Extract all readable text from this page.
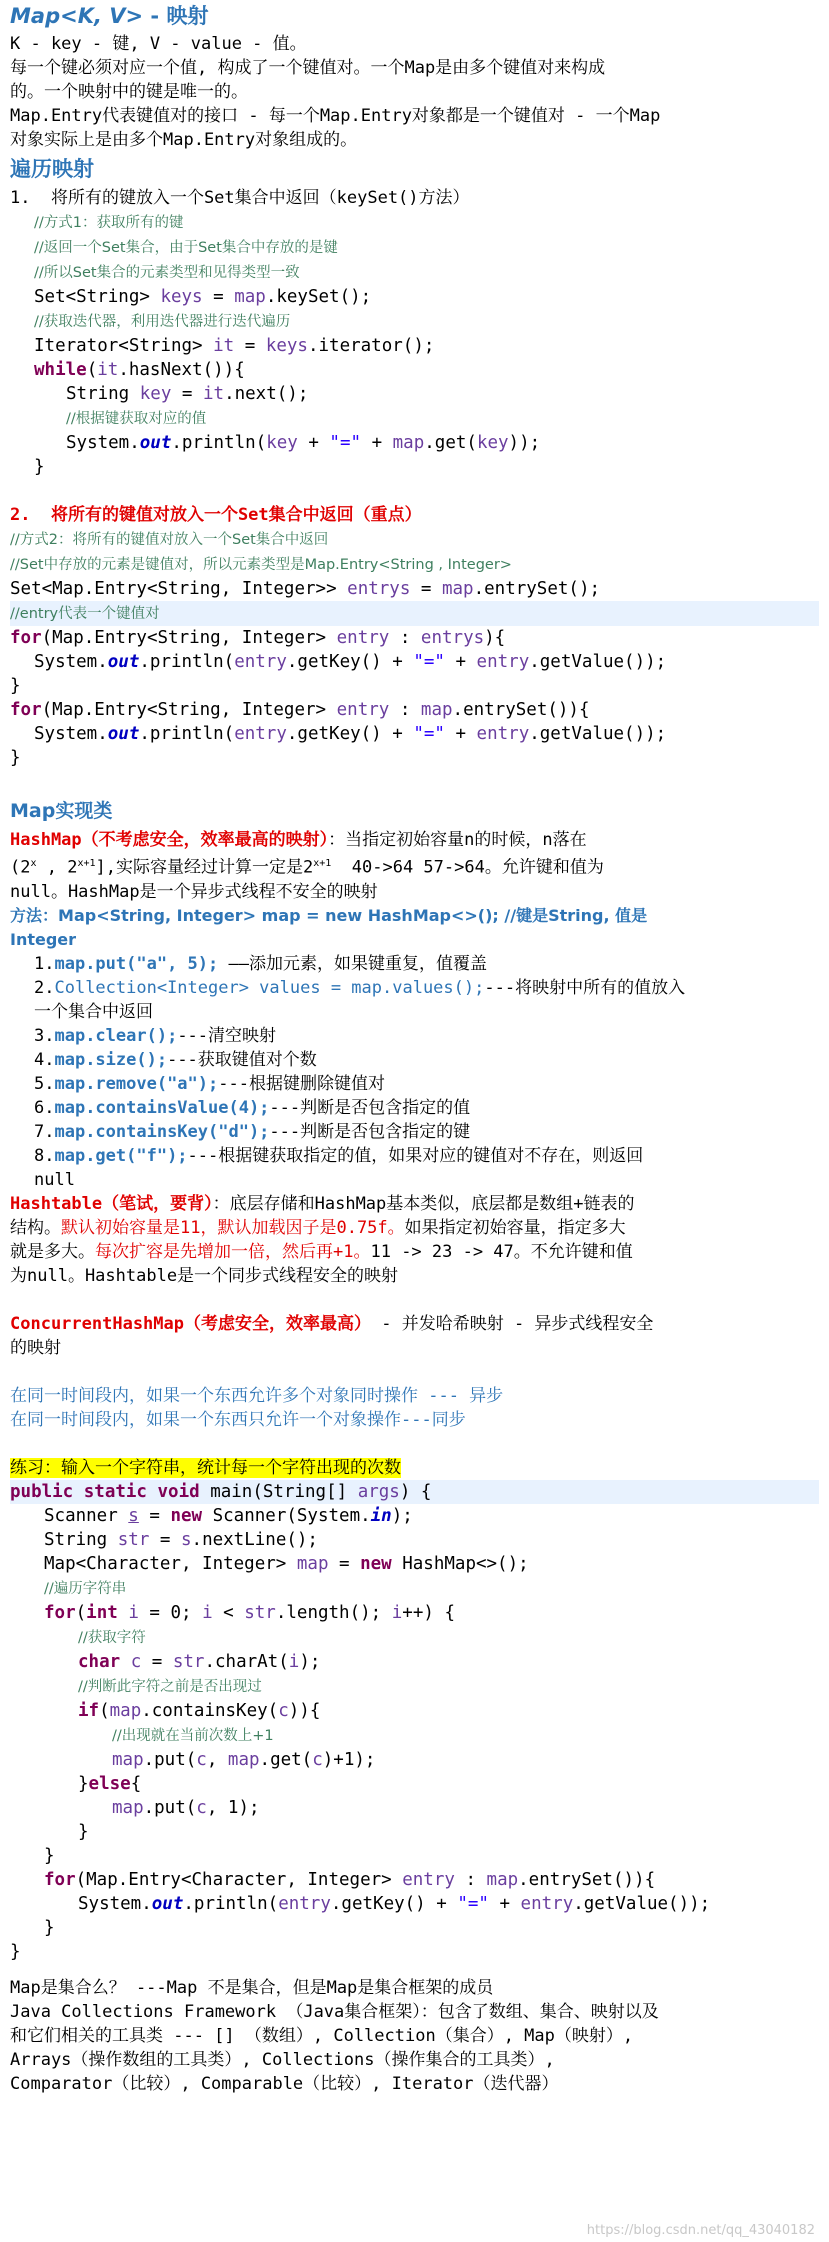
Map<K, V> - 映射
K - key - 键, V - value - 值。
每一个键必须对应一个值, 构成了一个键值对。一个Map是由多个键值对来构成
的。一个映射中的键是唯一的。
Map.Entry代表键值对的接口 - 每一个Map.Entry对象都是一个键值对 - 一个Map
对象实际上是由多个Map.Entry对象组成的。
遍历映射
1.  将所有的键放入一个Set集合中返回（keySet()方法）
//方式1：获取所有的键
//返回一个Set集合，由于Set集合中存放的是键
//所以Set集合的元素类型和见得类型一致
Set<String> keys = map.keySet();
//获取迭代器，利用迭代器进行迭代遍历
Iterator<String> it = keys.iterator();
while(it.hasNext()){
String key = it.next();
//根据键获取对应的值
System.out.println(key + "=" + map.get(key));
}
2.  将所有的键值对放入一个Set集合中返回（重点）
//方式2：将所有的键值对放入一个Set集合中返回
//Set中存放的元素是键值对，所以元素类型是Map.Entry<String , Integer>
Set<Map.Entry<String, Integer>> entrys = map.entrySet();
//entry代表一个键值对
for(Map.Entry<String, Integer> entry : entrys){
System.out.println(entry.getKey() + "=" + entry.getValue());
}
for(Map.Entry<String, Integer> entry : map.entrySet()){
System.out.println(entry.getKey() + "=" + entry.getValue());
}
Map实现类
HashMap（不考虑安全，效率最高的映射）：当指定初始容量n的时候，n落在
(2$^x$ , $2^{x+1}$],实际容量经过计算一定是$2^{x+1}$  40->64 57->64。允许键和值为
null。HashMap是一个异步式线程不安全的映射
方法：Map<String, Integer> map = new HashMap<>(); //键是String, 值是
Integer
1.map.put("a", 5); ——添加元素，如果键重复，值覆盖
2.Collection<Integer> values = map.values();---将映射中所有的值放入
一个集合中返回
3.map.clear();---清空映射
4.map.size();---获取键值对个数
5.map.remove("a");---根据键删除键值对
6.map.containsValue(4);---判断是否包含指定的值
7.map.containsKey("d");---判断是否包含指定的键
8.map.get("f");---根据键获取指定的值，如果对应的键值对不存在，则返回
null
Hashtable（笔试，要背）：底层存储和HashMap基本类似，底层都是数组+链表的
结构。默认初始容量是11，默认加载因子是0.75f。如果指定初始容量，指定多大
就是多大。每次扩容是先增加一倍，然后再+1。11 -> 23 -> 47。不允许键和值
为null。Hashtable是一个同步式线程安全的映射
ConcurrentHashMap（考虑安全，效率最高） - 并发哈希映射 - 异步式线程安全
的映射
在同一时间段内，如果一个东西允许多个对象同时操作 --- 异步
在同一时间段内，如果一个东西只允许一个对象操作---同步
练习：输入一个字符串，统计每一个字符出现的次数
public static void main(String[] args) {
Scanner s = new Scanner(System.in);
String str = s.nextLine();
Map<Character, Integer> map = new HashMap<>();
//遍历字符串
for(int i = 0; i < str.length(); i++) {
//获取字符
char c = str.charAt(i);
//判断此字符之前是否出现过
if(map.containsKey(c)){
//出现就在当前次数上+1
map.put(c, map.get(c)+1);
}else{
map.put(c, 1);
}
}
for(Map.Entry<Character, Integer> entry : map.entrySet()){
System.out.println(entry.getKey() + "=" + entry.getValue());
}
}
Map是集合么？ ---Map 不是集合，但是Map是集合框架的成员
Java Collections Framework （Java集合框架）：包含了数组、集合、映射以及
和它们相关的工具类 --- [] （数组）, Collection（集合）, Map（映射）,
Arrays（操作数组的工具类）, Collections（操作集合的工具类）,
Comparator（比较）, Comparable（比较）, Iterator（迭代器）
https://blog.csdn.net/qq_43040182
